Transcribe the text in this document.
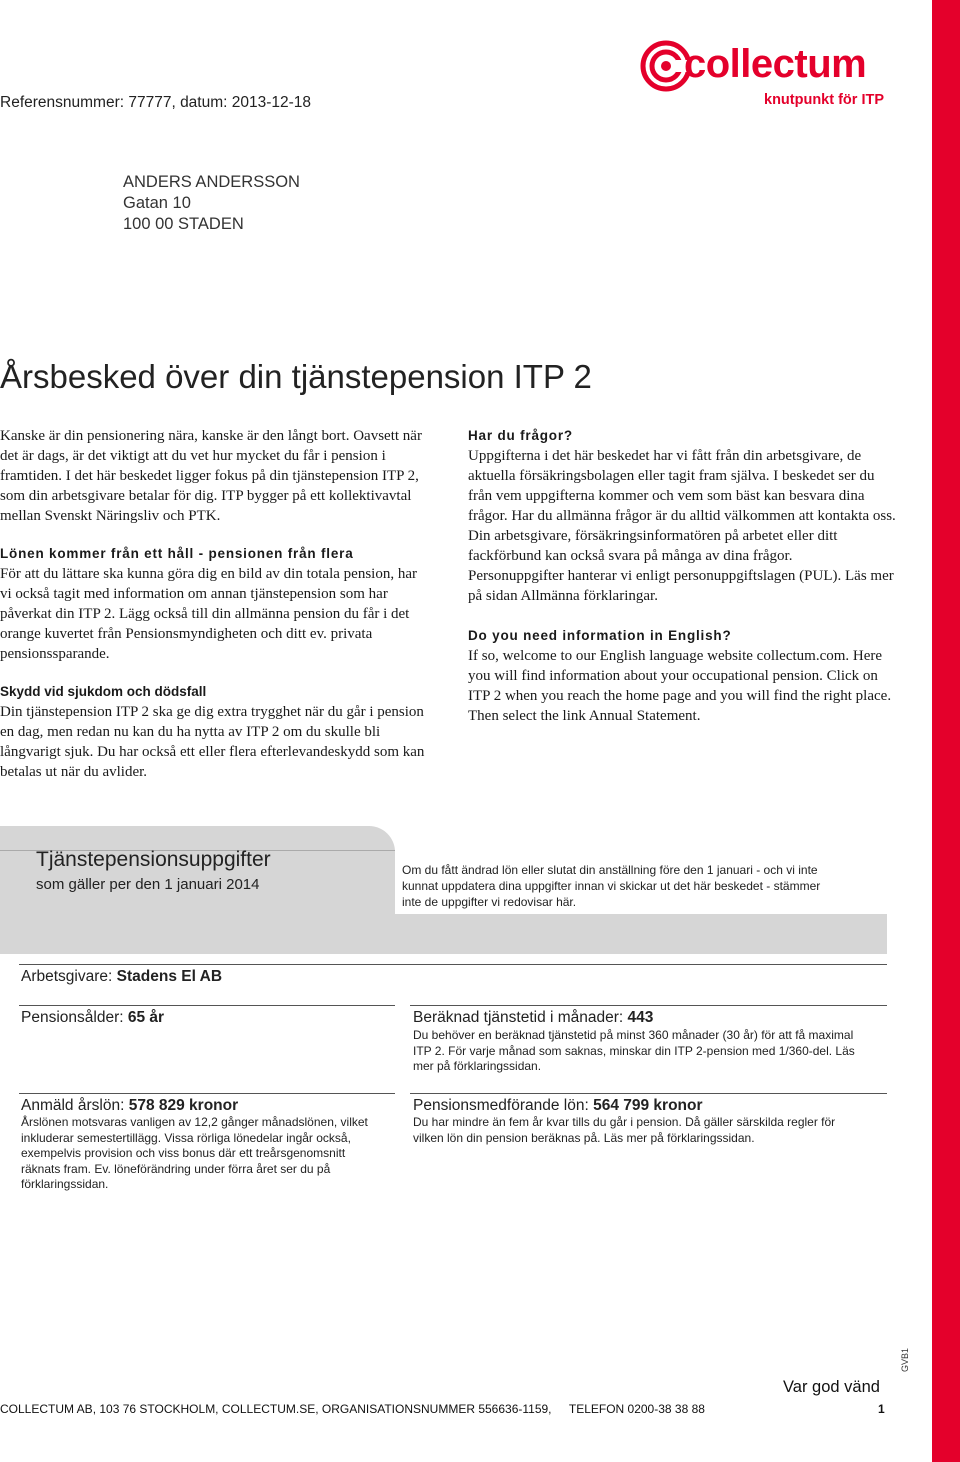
collectum
knutpunkt för ITP
Referensnummer: 77777, datum: 2013-12-18
ANDERS ANDERSSON
Gatan 10
100 00 STADEN
Årsbesked över din tjänstepension ITP 2

Kanske är din pensionering nära, kanske är den långt bort. Oavsett när det är dags, är det viktigt att du vet hur mycket du får i pension i framtiden. I det här beskedet ligger fokus på din tjänstepension ITP 2, som din arbetsgivare betalar för dig. ITP bygger på ett kollektivavtal mellan Svenskt Näringsliv och PTK.

Lönen kommer från ett håll - pensionen från flera

För att du lättare ska kunna göra dig en bild av din totala pension, har vi också tagit med information om annan tjänstepension som har påverkat din ITP 2. Lägg också till din allmänna pension du får i det orange kuvertet från Pensionsmyndigheten och ditt ev. privata pensionssparande.

Skydd vid sjukdom och dödsfall

Din tjänstepension ITP 2 ska ge dig extra trygghet när du går i pension en dag, men redan nu kan du ha nytta av ITP 2 om du skulle bli långvarigt sjuk. Du har också ett eller flera efterlevandeskydd som kan betalas ut när du avlider.

Har du frågor?

Uppgifterna i det här beskedet har vi fått från din arbetsgivare, de aktuella försäkringsbolagen eller tagit fram själva. I beskedet ser du från vem uppgifterna kommer och vem som bäst kan besvara dina frågor. Har du allmänna frågor är du alltid välkommen att kontakta oss. Din arbetsgivare, försäkringsinformatören på arbetet eller ditt fackförbund kan också svara på många av dina frågor.

Personuppgifter hanterar vi enligt personuppgiftslagen (PUL). Läs mer på sidan Allmänna förklaringar.

Do you need information in English?

If so, welcome to our English language website collectum.com. Here you will find information about your occupational pension. Click on ITP 2 when you reach the home page and you will find the right place. Then select the link Annual Statement.

Tjänstepensionsuppgifter
som gäller per den 1 januari 2014
Om du fått ändrad lön eller slutat din anställning före den 1 januari - och vi inte kunnat uppdatera dina uppgifter innan vi skickar ut det här beskedet - stämmer inte de uppgifter vi redovisar här.
Arbetsgivare: Stadens El AB
Pensionsålder: 65 år	Beräknad tjänstetid i månader: 443
Du behöver en beräknad tjänstetid på minst 360 månader (30 år) för att få maximal ITP 2. För varje månad som saknas, minskar din ITP 2-pension med 1/360-del. Läs mer på förklaringssidan.
Anmäld årslön: 578 829 kronor
Årslönen motsvaras vanligen av 12,2 gånger månadslönen, vilket inkluderar semestertillägg. Vissa rörliga lönedelar ingår också, exempelvis provision och viss bonus där ett treårsgenomsnitt räknats fram. Ev. löneförändring under förra året ser du på förklaringssidan.
Pensionsmedförande lön: 564 799 kronor
Du har mindre än fem år kvar tills du går i pension. Då gäller särskilda regler för vilken lön din pension beräknas på. Läs mer på förklaringssidan.
Var god vänd
GVB1
COLLECTUM AB, 103 76 STOCKHOLM, COLLECTUM.SE, ORGANISATIONSNUMMER 556636-1159, TELEFON 0200-38 38 88	1
